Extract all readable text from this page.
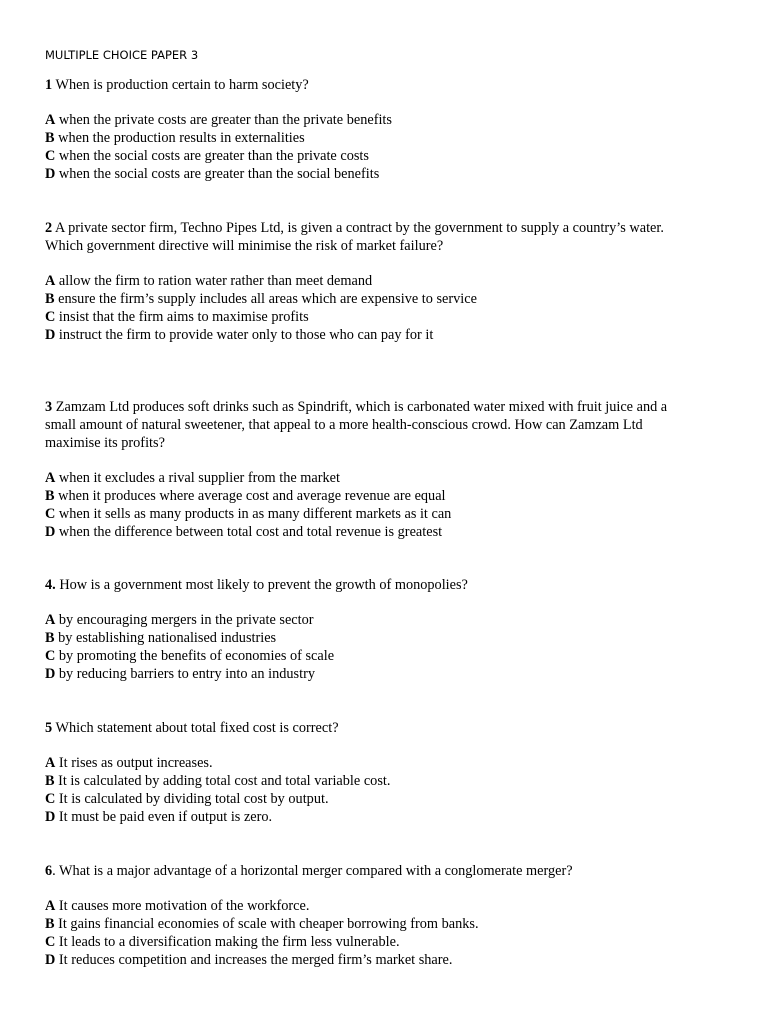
MULTIPLE CHOICE PAPER 3
1 When is production certain to harm society?
A when the private costs are greater than the private benefits
B when the production results in externalities
C when the social costs are greater than the private costs
D when the social costs are greater than the social benefits
2 A private sector firm, Techno Pipes Ltd, is given a contract by the government to supply a country’s water.
Which government directive will minimise the risk of market failure?
A allow the firm to ration water rather than meet demand
B ensure the firm’s supply includes all areas which are expensive to service
C insist that the firm aims to maximise profits
D instruct the firm to provide water only to those who can pay for it
3 Zamzam Ltd produces soft drinks such as Spindrift, which is carbonated water mixed with fruit juice and a
small amount of natural sweetener, that appeal to a more health-conscious crowd. How can Zamzam Ltd
maximise its profits?
A when it excludes a rival supplier from the market
B when it produces where average cost and average revenue are equal
C when it sells as many products in as many different markets as it can
D when the difference between total cost and total revenue is greatest
4. How is a government most likely to prevent the growth of monopolies?
A by encouraging mergers in the private sector
B by establishing nationalised industries
C by promoting the benefits of economies of scale
D by reducing barriers to entry into an industry
5 Which statement about total fixed cost is correct?
A It rises as output increases.
B It is calculated by adding total cost and total variable cost.
C It is calculated by dividing total cost by output.
D It must be paid even if output is zero.
6. What is a major advantage of a horizontal merger compared with a conglomerate merger?
A It causes more motivation of the workforce.
B It gains financial economies of scale with cheaper borrowing from banks.
C It leads to a diversification making the firm less vulnerable.
D It reduces competition and increases the merged firm’s market share.
